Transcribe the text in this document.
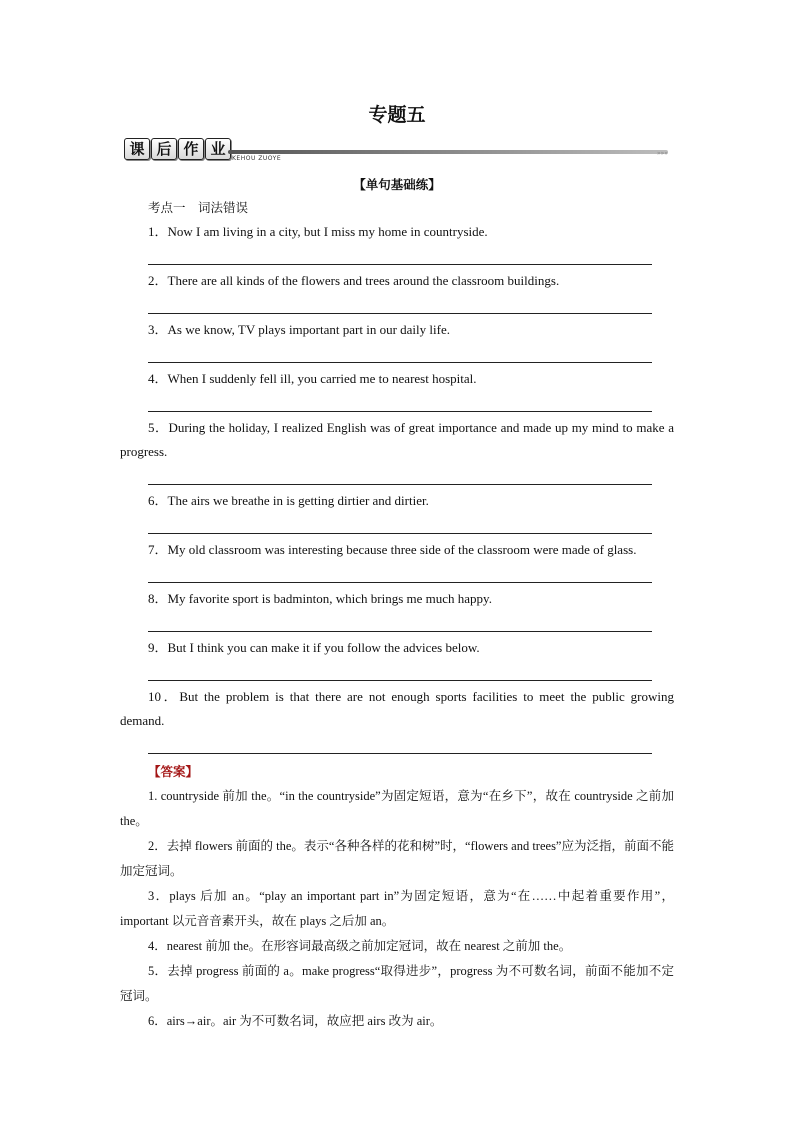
专题五
课 后 作 业
KEHOU ZUOYE
»»»
【单句基础练】
考点一　词法错误

1．Now I am living in a city, but I miss my home in countryside.

2．There are all kinds of the flowers and trees around the classroom buildings.

3．As we know, TV plays important part in our daily life.

4．When I suddenly fell ill, you carried me to nearest hospital.

5．During the holiday, I realized English was of great importance and made up my mind to make a progress.

6．The airs we breathe in is getting dirtier and dirtier.

7．My old classroom was interesting because three side of the classroom were made of glass.

8．My favorite sport is badminton, which brings me much happy.

9．But I think you can make it if you follow the advices below.

10．But the problem is that there are not enough sports facilities to meet the public growing demand.

【答案】

1. countryside 前加 the。“in the countryside”为固定短语，意为“在乡下”，故在 countryside 之前加 the。

2．去掉 flowers 前面的 the。表示“各种各样的花和树”时，“flowers and trees”应为泛指，前面不能加定冠词。

3．plays 后加 an。“play an important part in”为固定短语，意为“在……中起着重要作用”，important 以元音音素开头，故在 plays 之后加 an。

4．nearest 前加 the。在形容词最高级之前加定冠词，故在 nearest 之前加 the。

5．去掉 progress 前面的 a。make progress“取得进步”，progress 为不可数名词，前面不能加不定冠词。

6．airs→air。air 为不可数名词，故应把 airs 改为 air。
